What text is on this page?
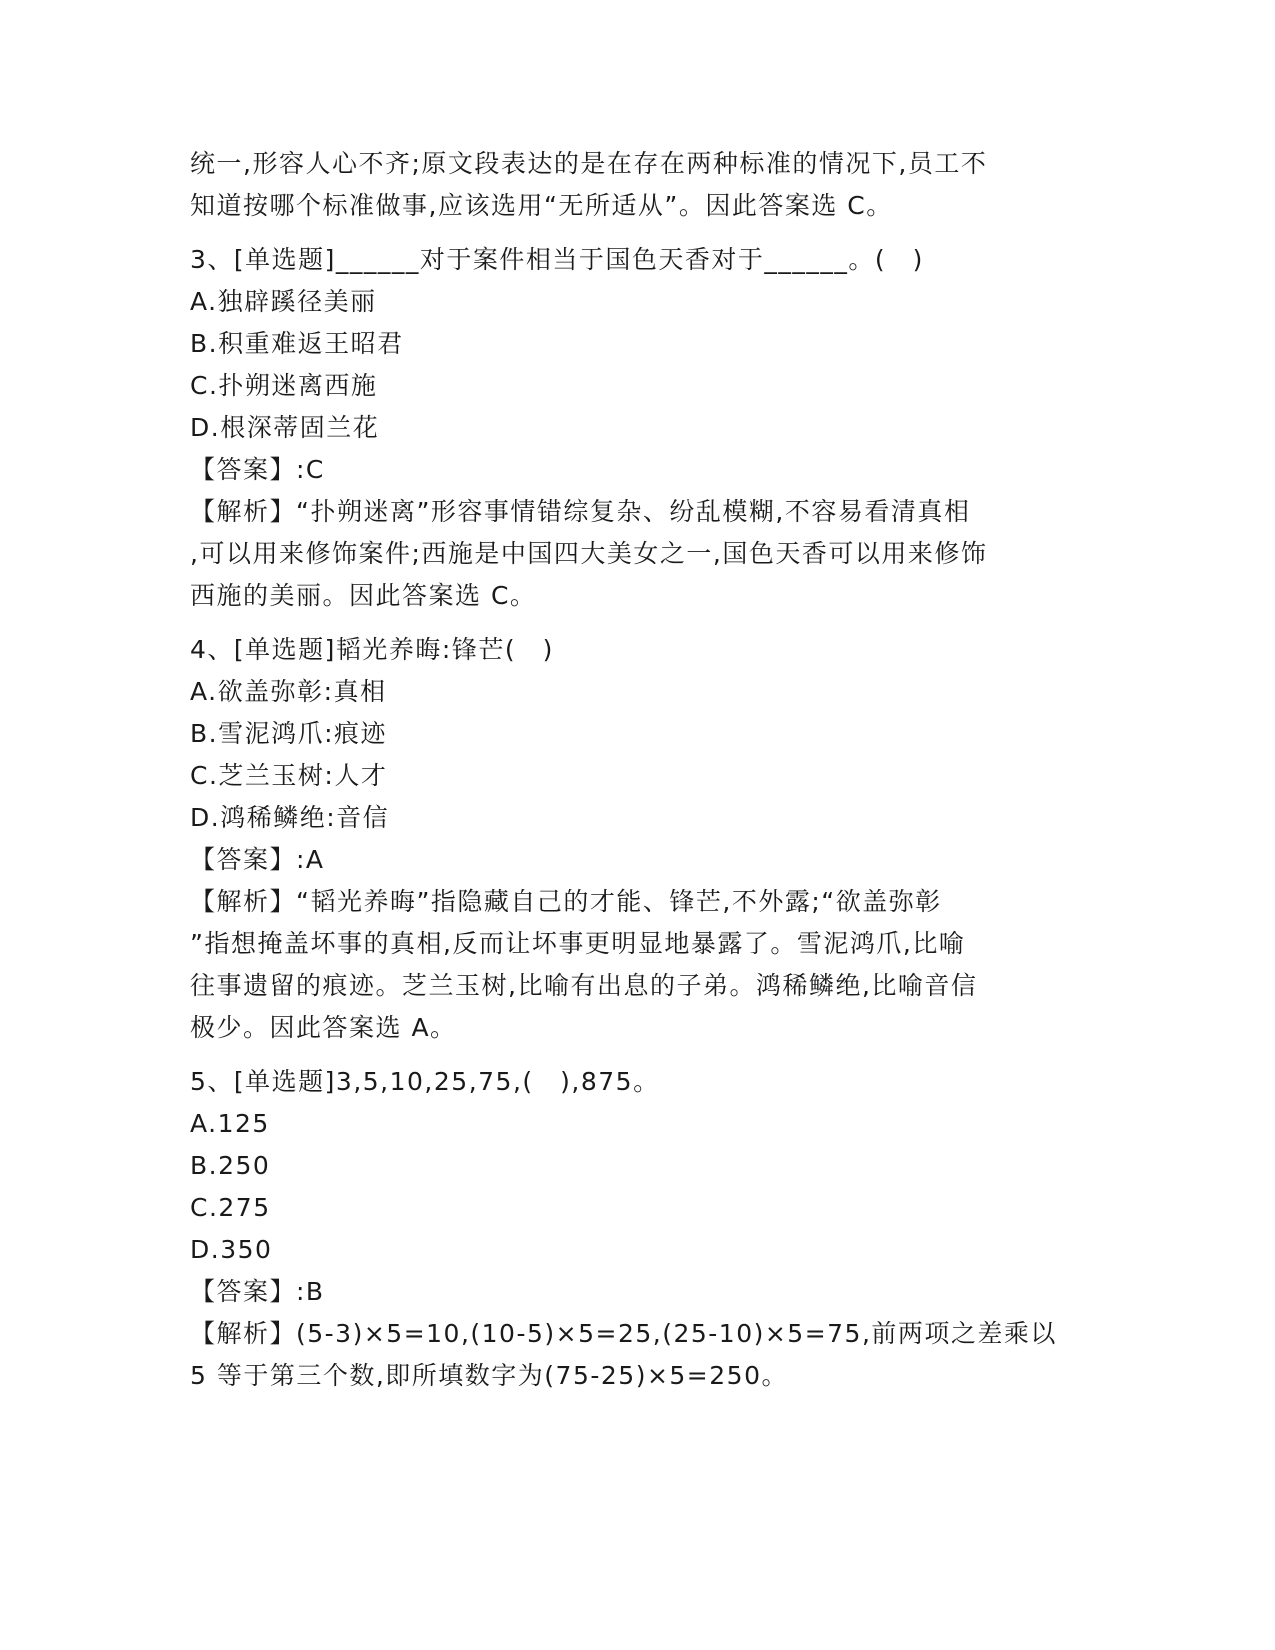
统一,形容人心不齐;原文段表达的是在存在两种标准的情况下,员工不
知道按哪个标准做事,应该选用“无所适从”。因此答案选 C。
3、[单选题]______对于案件相当于国色天香对于______。(　)
A.独辟蹊径美丽
B.积重难返王昭君
C.扑朔迷离西施
D.根深蒂固兰花
【答案】:C
【解析】“扑朔迷离”形容事情错综复杂、纷乱模糊,不容易看清真相
,可以用来修饰案件;西施是中国四大美女之一,国色天香可以用来修饰
西施的美丽。因此答案选 C。
4、[单选题]韬光养晦:锋芒(　)
A.欲盖弥彰:真相
B.雪泥鸿爪:痕迹
C.芝兰玉树:人才
D.鸿稀鳞绝:音信
【答案】:A
【解析】“韬光养晦”指隐藏自己的才能、锋芒,不外露;“欲盖弥彰
”指想掩盖坏事的真相,反而让坏事更明显地暴露了。雪泥鸿爪,比喻
往事遗留的痕迹。芝兰玉树,比喻有出息的子弟。鸿稀鳞绝,比喻音信
极少。因此答案选 A。
5、[单选题]3,5,10,25,75,(　),875。
A.125
B.250
C.275
D.350
【答案】:B
【解析】(5-3)×5=10,(10-5)×5=25,(25-10)×5=75,前两项之差乘以
5 等于第三个数,即所填数字为(75-25)×5=250。
